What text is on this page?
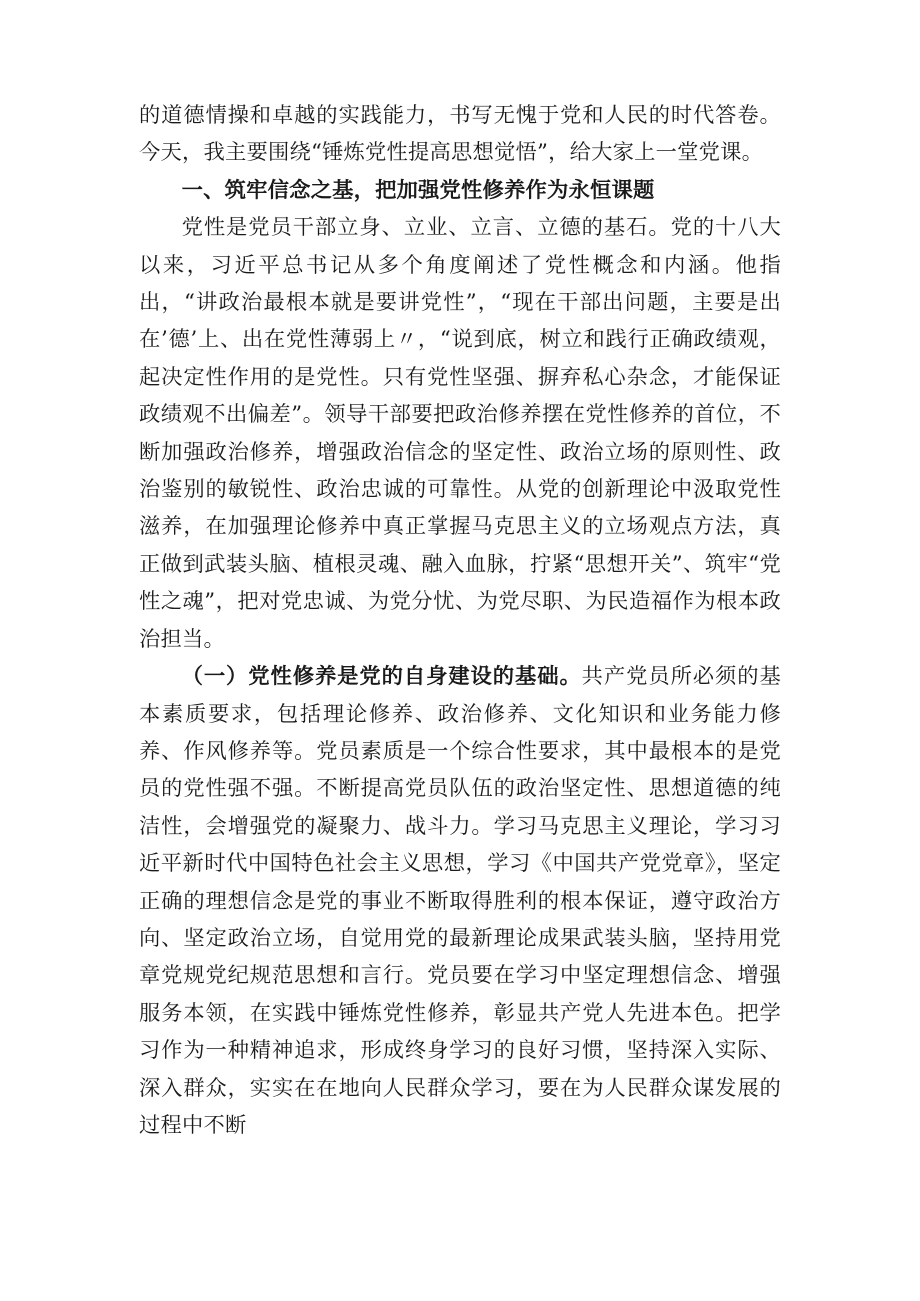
的道德情操和卓越的实践能力，书写无愧于党和人民的时代答卷。今天，我主要围绕“锤炼党性提高思想觉悟”，给大家上一堂党课。

一、筑牢信念之基，把加强党性修养作为永恒课题

党性是党员干部立身、立业、立言、立德的基石。党的十八大以来，习近平总书记从多个角度阐述了党性概念和内涵。他指出，“讲政治最根本就是要讲党性”，“现在干部出问题，主要是出在’德’上、出在党性薄弱上〃，“说到底，树立和践行正确政绩观，起决定性作用的是党性。只有党性坚强、摒弃私心杂念，才能保证政绩观不出偏差”。领导干部要把政治修养摆在党性修养的首位，不断加强政治修养，增强政治信念的坚定性、政治立场的原则性、政治鉴别的敏锐性、政治忠诚的可靠性。从党的创新理论中汲取党性滋养，在加强理论修养中真正掌握马克思主义的立场观点方法，真正做到武装头脑、植根灵魂、融入血脉，拧紧“思想开关”、筑牢“党性之魂”，把对党忠诚、为党分忧、为党尽职、为民造福作为根本政治担当。

（一）党性修养是党的自身建设的基础。共产党员所必须的基本素质要求，包括理论修养、政治修养、文化知识和业务能力修养、作风修养等。党员素质是一个综合性要求，其中最根本的是党员的党性强不强。不断提高党员队伍的政治坚定性、思想道德的纯洁性，会增强党的凝聚力、战斗力。学习马克思主义理论，学习习近平新时代中国特色社会主义思想，学习《中国共产党党章》，坚定正确的理想信念是党的事业不断取得胜利的根本保证，遵守政治方向、坚定政治立场，自觉用党的最新理论成果武装头脑，坚持用党章党规党纪规范思想和言行。党员要在学习中坚定理想信念、增强服务本领，在实践中锤炼党性修养，彰显共产党人先进本色。把学习作为一种精神追求，形成终身学习的良好习惯，坚持深入实际、深入群众，实实在在地向人民群众学习，要在为人民群众谋发展的过程中不断
